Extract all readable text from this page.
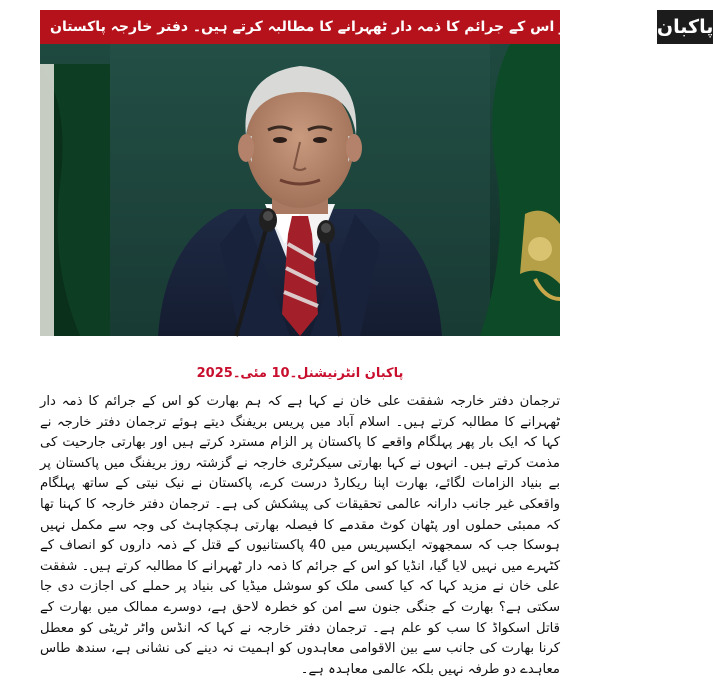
پاکبان
ہم بھارت کو اس کے جرائم کا ذمہ دار ٹھہرانے کا مطالبہ کرتے ہیں۔ دفتر خارجہ پاکستان
پاکبان انٹرنیشنل۔10 مئی۔2025

ترجمان دفتر خارجہ شفقت علی خان نے کہا ہے کہ ہم بھارت کو اس کے جرائم کا ذمہ دار ٹھہرانے کا مطالبہ کرتے ہیں۔ اسلام آباد میں پریس بریفنگ دیتے ہوئے ترجمان دفتر خارجہ نے کہا کہ ایک بار پھر پہلگام واقعے کا پاکستان پر الزام مسترد کرتے ہیں اور بھارتی جارحیت کی مذمت کرتے ہیں۔ انہوں نے کہا بھارتی سیکرٹری خارجہ نے گزشتہ روز بریفنگ میں پاکستان پر بے بنیاد الزامات لگائے، بھارت اپنا ریکارڈ درست کرے، پاکستان نے نیک نیتی کے ساتھ پہلگام واقعکی غیر جانب دارانہ عالمی تحقیقات کی پیشکش کی ہے۔ ترجمان دفتر خارجہ کا کہنا تھا کہ ممبئی حملوں اور پٹھان کوٹ مقدمے کا فیصلہ بھارتی ہچکچاہٹ کی وجہ سے مکمل نہیں ہوسکا جب کہ سمجھوتہ ایکسپریس میں 40 پاکستانیوں کے قتل کے ذمہ داروں کو انصاف کے کٹہرے میں نہیں لایا گیا، انڈیا کو اس کے جرائم کا ذمہ دار ٹھہرانے کا مطالبہ کرتے ہیں۔ شفقت علی خان نے مزید کہا کہ کیا کسی ملک کو سوشل میڈیا کی بنیاد پر حملے کی اجازت دی جا سکتی ہے؟ بھارت کے جنگی جنون سے امن کو خطرہ لاحق ہے، دوسرے ممالک میں بھارت کے قاتل اسکواڈ کا سب کو علم ہے۔ ترجمان دفتر خارجہ نے کہا کہ انڈس واٹر ٹریٹی کو معطل کرنا بھارت کی جانب سے بین الاقوامی معاہدوں کو اہمیت نہ دینے کی نشانی ہے، سندھ طاس معاہدے دو طرفہ نہیں بلکہ عالمی معاہدہ ہے۔
